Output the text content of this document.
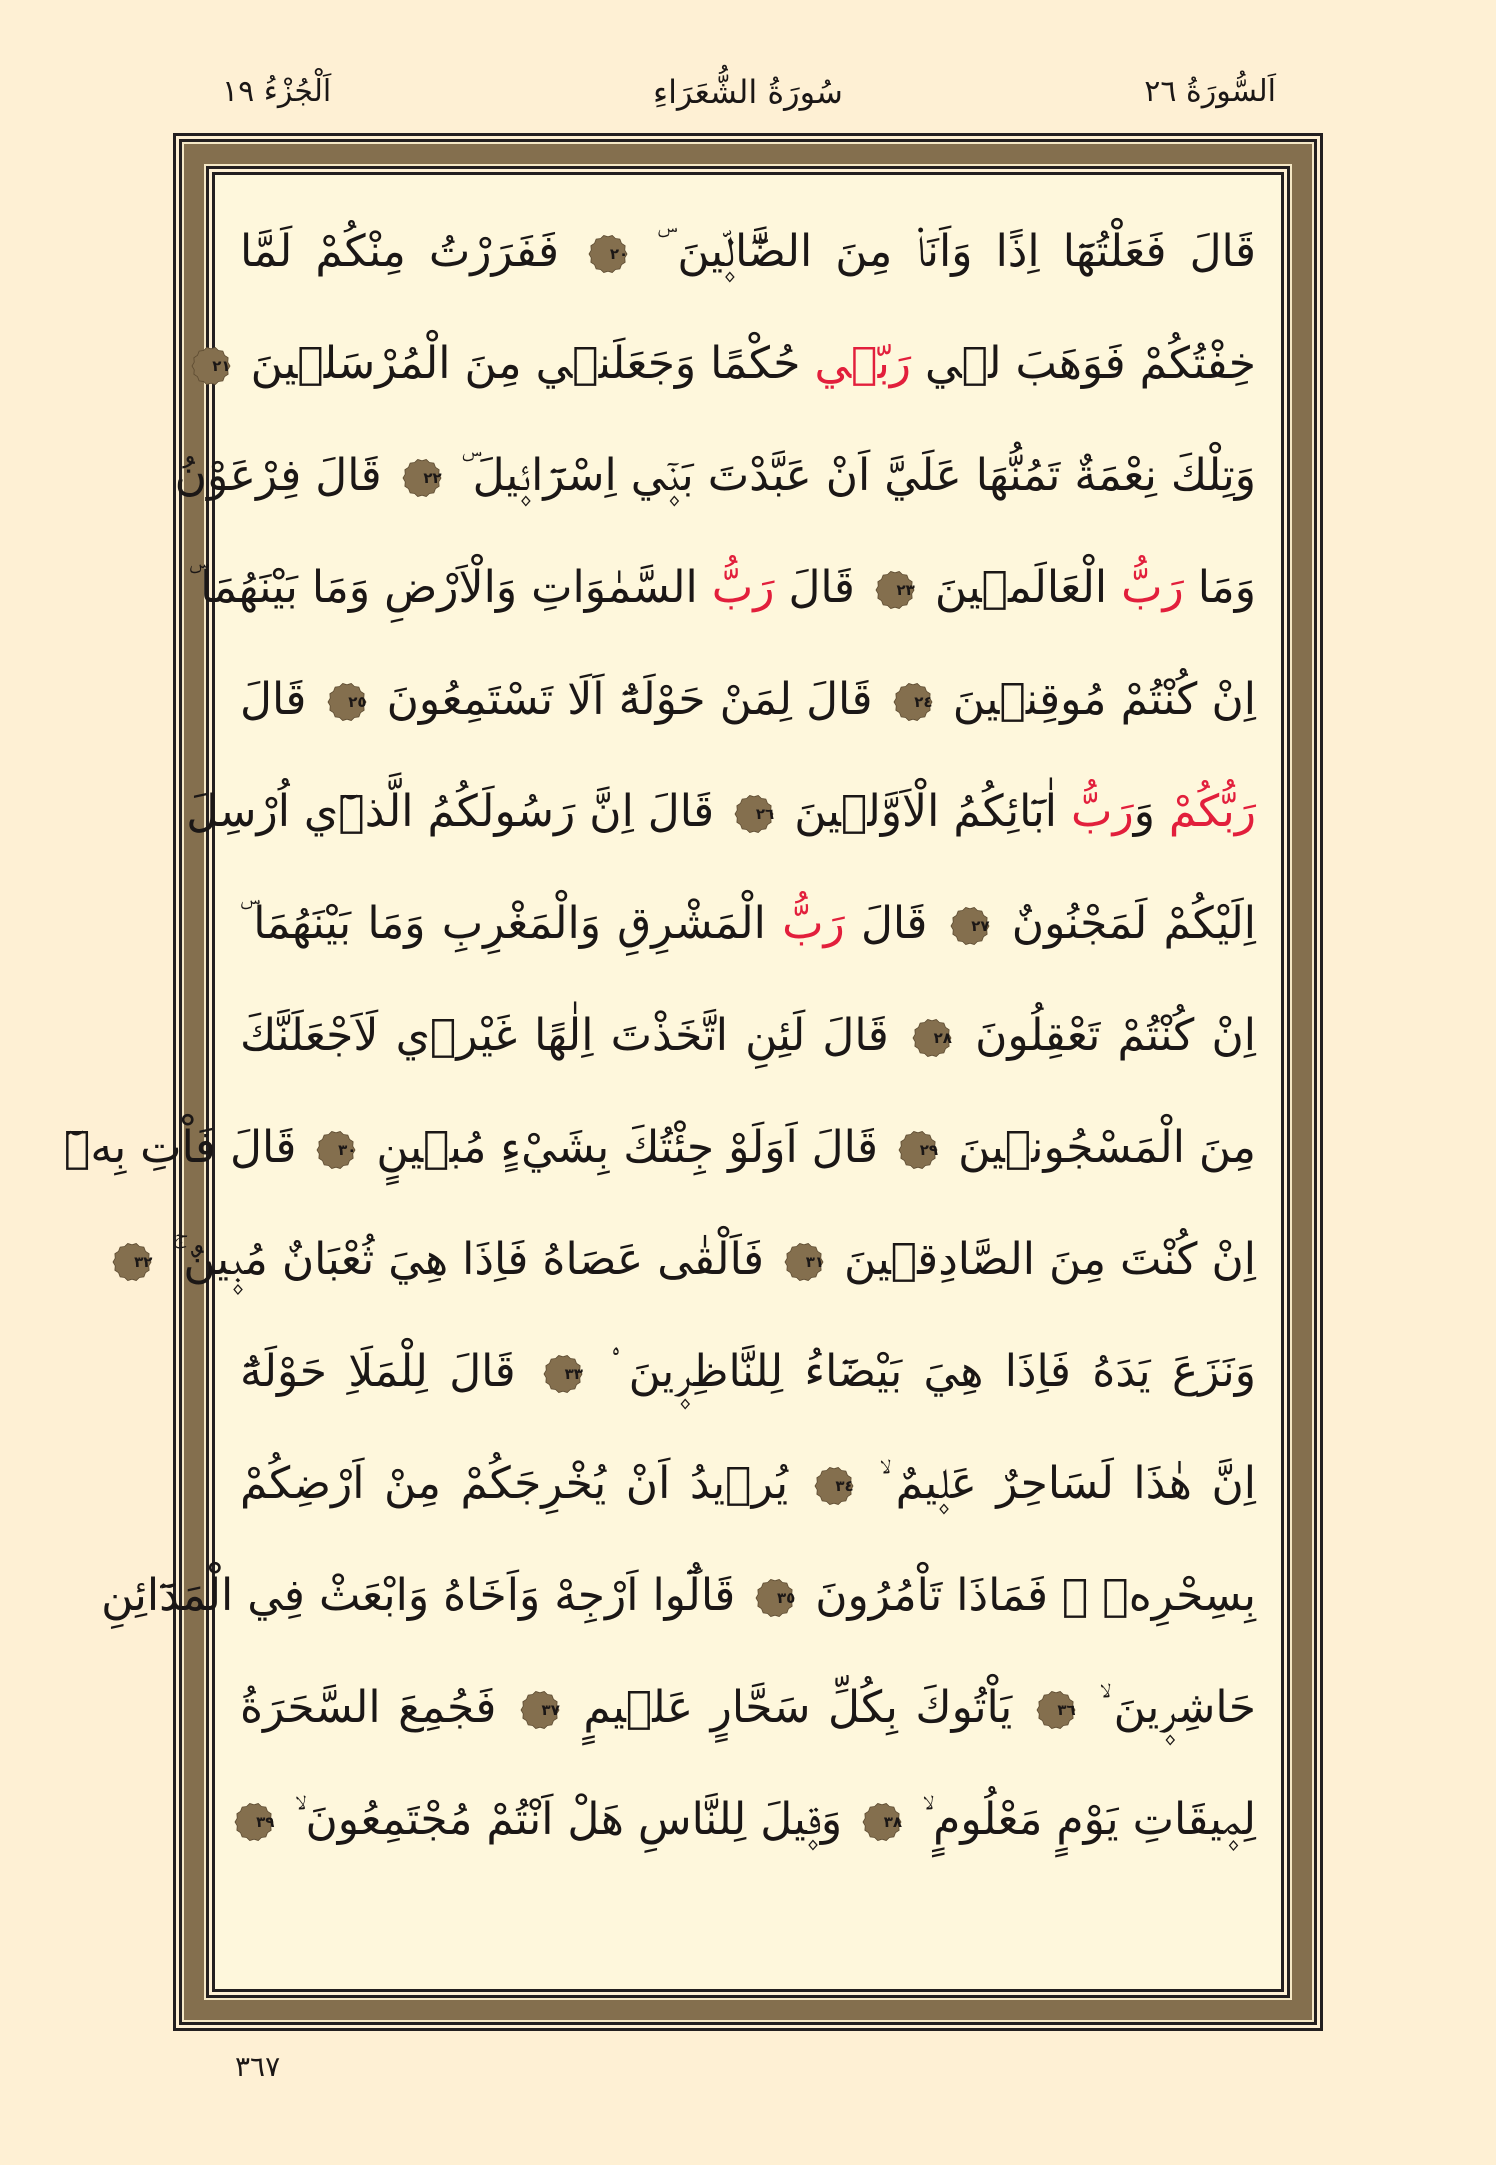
اَلْجُزْءُ ١٩	سُورَةُ الشُّعَرَاءِ	اَلسُّورَةُ ٢٦
قَالَ فَعَلْتُهَٓا اِذًا وَاَنَا۬ مِنَ الضَّٓالّ۪ينَ ۜ
٢٠
فَفَرَرْتُ مِنْكُمْ لَمَّا
خِفْتُكُمْ فَوَهَبَ ل۪ي رَبّ۪ي حُكْمًا وَجَعَلَن۪ي مِنَ الْمُرْسَل۪ينَ
٢١
وَتِلْكَ نِعْمَةٌ تَمُنُّهَا عَلَيَّ اَنْ عَبَّدْتَ بَن۪ٓي اِسْرَٓائ۪يلَ ۜ
٢٢
قَالَ فِرْعَوْنُ
وَمَا رَبُّ الْعَالَم۪ينَ
٢٣
قَالَ رَبُّ السَّمٰوَاتِ وَالْاَرْضِ وَمَا بَيْنَهُمَا ۜ
اِنْ كُنْتُمْ مُوقِن۪ينَ
٢٤
قَالَ لِمَنْ حَوْلَهُٓ اَلَا تَسْتَمِعُونَ
٢٥
قَالَ
رَبُّكُمْ وَرَبُّ اٰبَٓائِكُمُ الْاَوَّل۪ينَ
٢٦
قَالَ اِنَّ رَسُولَكُمُ الَّذ۪ٓي اُرْسِلَ
اِلَيْكُمْ لَمَجْنُونٌ
٢٧
قَالَ رَبُّ الْمَشْرِقِ وَالْمَغْرِبِ وَمَا بَيْنَهُمَا ۜ
اِنْ كُنْتُمْ تَعْقِلُونَ
٢٨
قَالَ لَئِنِ اتَّخَذْتَ اِلٰهًا غَيْر۪ي لَاَجْعَلَنَّكَ
مِنَ الْمَسْجُون۪ينَ
٢٩
قَالَ اَوَلَوْ جِئْتُكَ بِشَيْءٍ مُب۪ينٍ
٣٠
قَالَ فَاْتِ بِه۪ٓ
اِنْ كُنْتَ مِنَ الصَّادِق۪ينَ
٣١
فَاَلْقٰى عَصَاهُ فَاِذَا هِيَ ثُعْبَانٌ مُب۪ينٌ ۚ
٣٢
وَنَزَعَ يَدَهُ فَاِذَا هِيَ بَيْضَٓاءُ لِلنَّاظِر۪ينَ ۟
٣٣
قَالَ لِلْمَلَاِ حَوْلَهُٓ
اِنَّ هٰذَا لَسَاحِرٌ عَل۪يمٌ ۙ
٣٤
يُر۪يدُ اَنْ يُخْرِجَكُمْ مِنْ اَرْضِكُمْ
بِسِحْرِه۪ ۗ فَمَاذَا تَاْمُرُونَ
٣٥
قَالُٓوا اَرْجِهْ وَاَخَاهُ وَابْعَثْ فِي الْمَدَٓائِنِ
حَاشِر۪ينَ ۙ
٣٦
يَاْتُوكَ بِكُلِّ سَحَّارٍ عَل۪يمٍ
٣٧
فَجُمِعَ السَّحَرَةُ
لِم۪يقَاتِ يَوْمٍ مَعْلُومٍ ۙ
٣٨
وَق۪يلَ لِلنَّاسِ هَلْ اَنْتُمْ مُجْتَمِعُونَ ۙ
٣٩
٣٦٧
